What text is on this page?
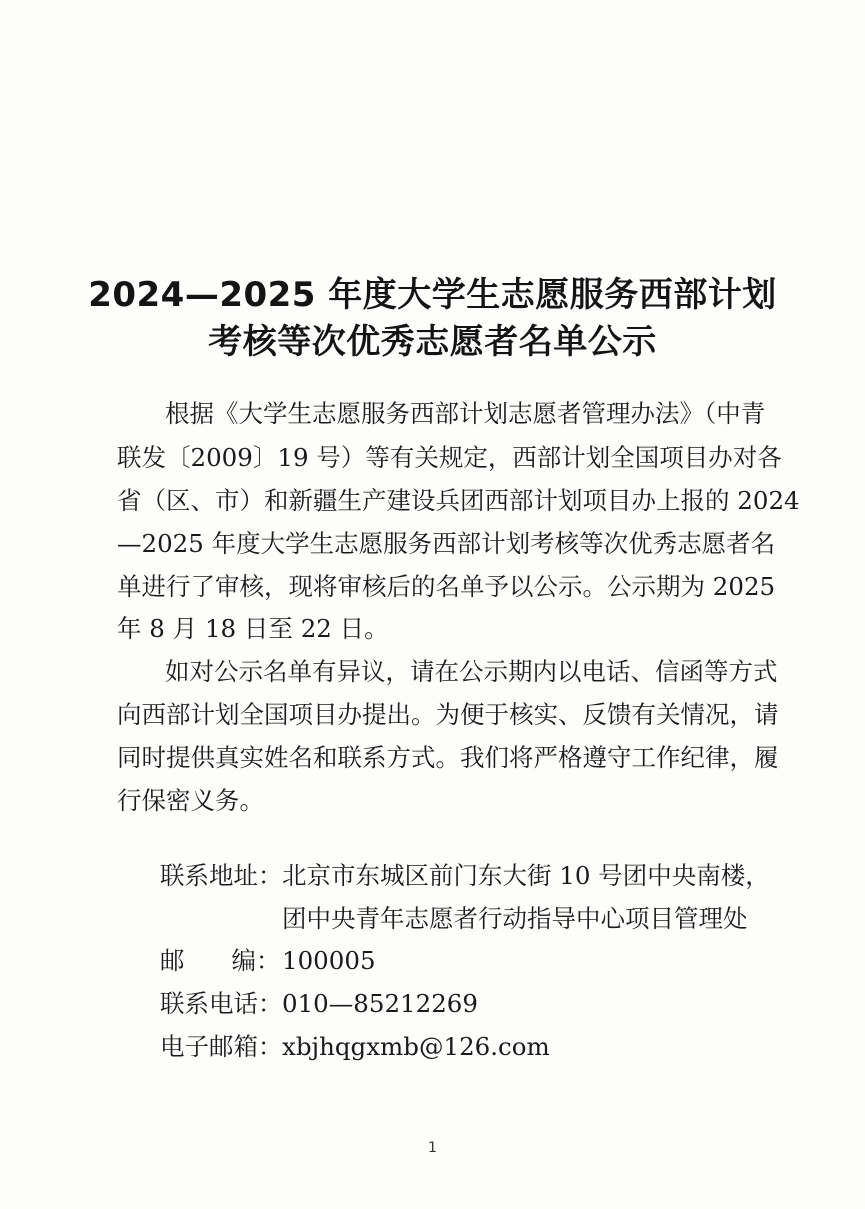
2024—2025 年度大学生志愿服务西部计划
考核等次优秀志愿者名单公示
根据《大学生志愿服务西部计划志愿者管理办法》（中青
联发〔2009〕19 号）等有关规定，西部计划全国项目办对各
省（区、市）和新疆生产建设兵团西部计划项目办上报的 2024
—2025 年度大学生志愿服务西部计划考核等次优秀志愿者名
单进行了审核，现将审核后的名单予以公示。公示期为 2025
年 8 月 18 日至 22 日。
如对公示名单有异议，请在公示期内以电话、信函等方式
向西部计划全国项目办提出。为便于核实、反馈有关情况，请
同时提供真实姓名和联系方式。我们将严格遵守工作纪律，履
行保密义务。
联系地址： 北京市东城区前门东大街 10 号团中央南楼，
团中央青年志愿者行动指导中心项目管理处
邮编： 100005
联系电话： 010—85212269
电子邮箱： xbjhqgxmb@126.com
1
